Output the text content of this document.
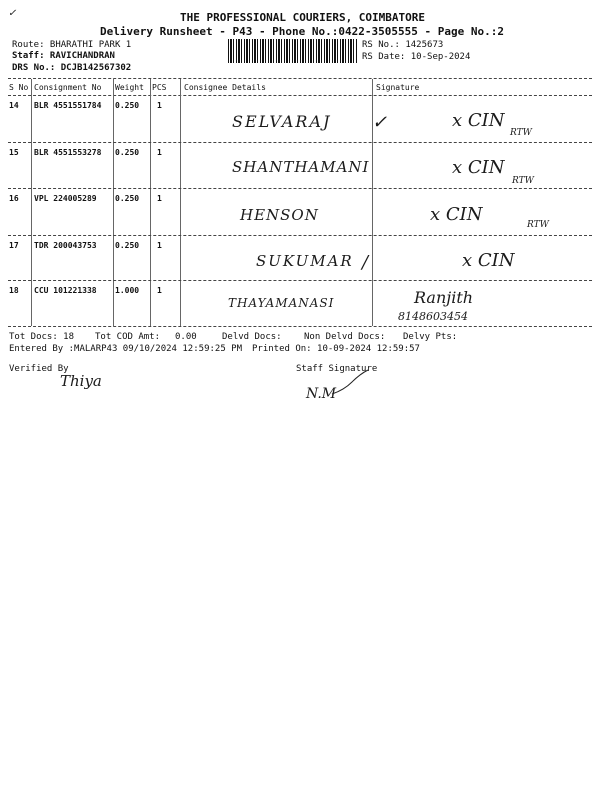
✓	THE PROFESSIONAL COURIERS, COIMBATORE
Delivery Runsheet - P43 - Phone No.:0422-3505555 - Page No.:2
Route: BHARATHI PARK 1
Staff: RAVICHANDRAN
DRS No.: DCJB142567302
RS No.: 1425673
RS Date: 10-Sep-2024
S No Consignment No Weight PCS Consignee Details	Signature
14 BLR 4551551784 0.250 1
SELVARAJ ✓	x CIN
RTW
15 BLR 4551553278 0.250 1
SHANTHAMANI	x CIN
RTW
16 VPL 224005289 0.250 1
HENSON	x CIN	RTW
17 TDR 200043753 0.250 1
SUKUMAR /	x CIN
18 CCU 101221338 1.000 1
THAYAMANASI	Ranjith
8148603454
Tot Docs: 18 Tot COD Amt: 0.00	Delvd Docs: Non Delvd Docs: Delvy Pts:
Entered By :MALARP43 09/10/2024 12:59:25 PM Printed On: 10-09-2024 12:59:57
Verified By
Thiya
Staff Signature
N.M
